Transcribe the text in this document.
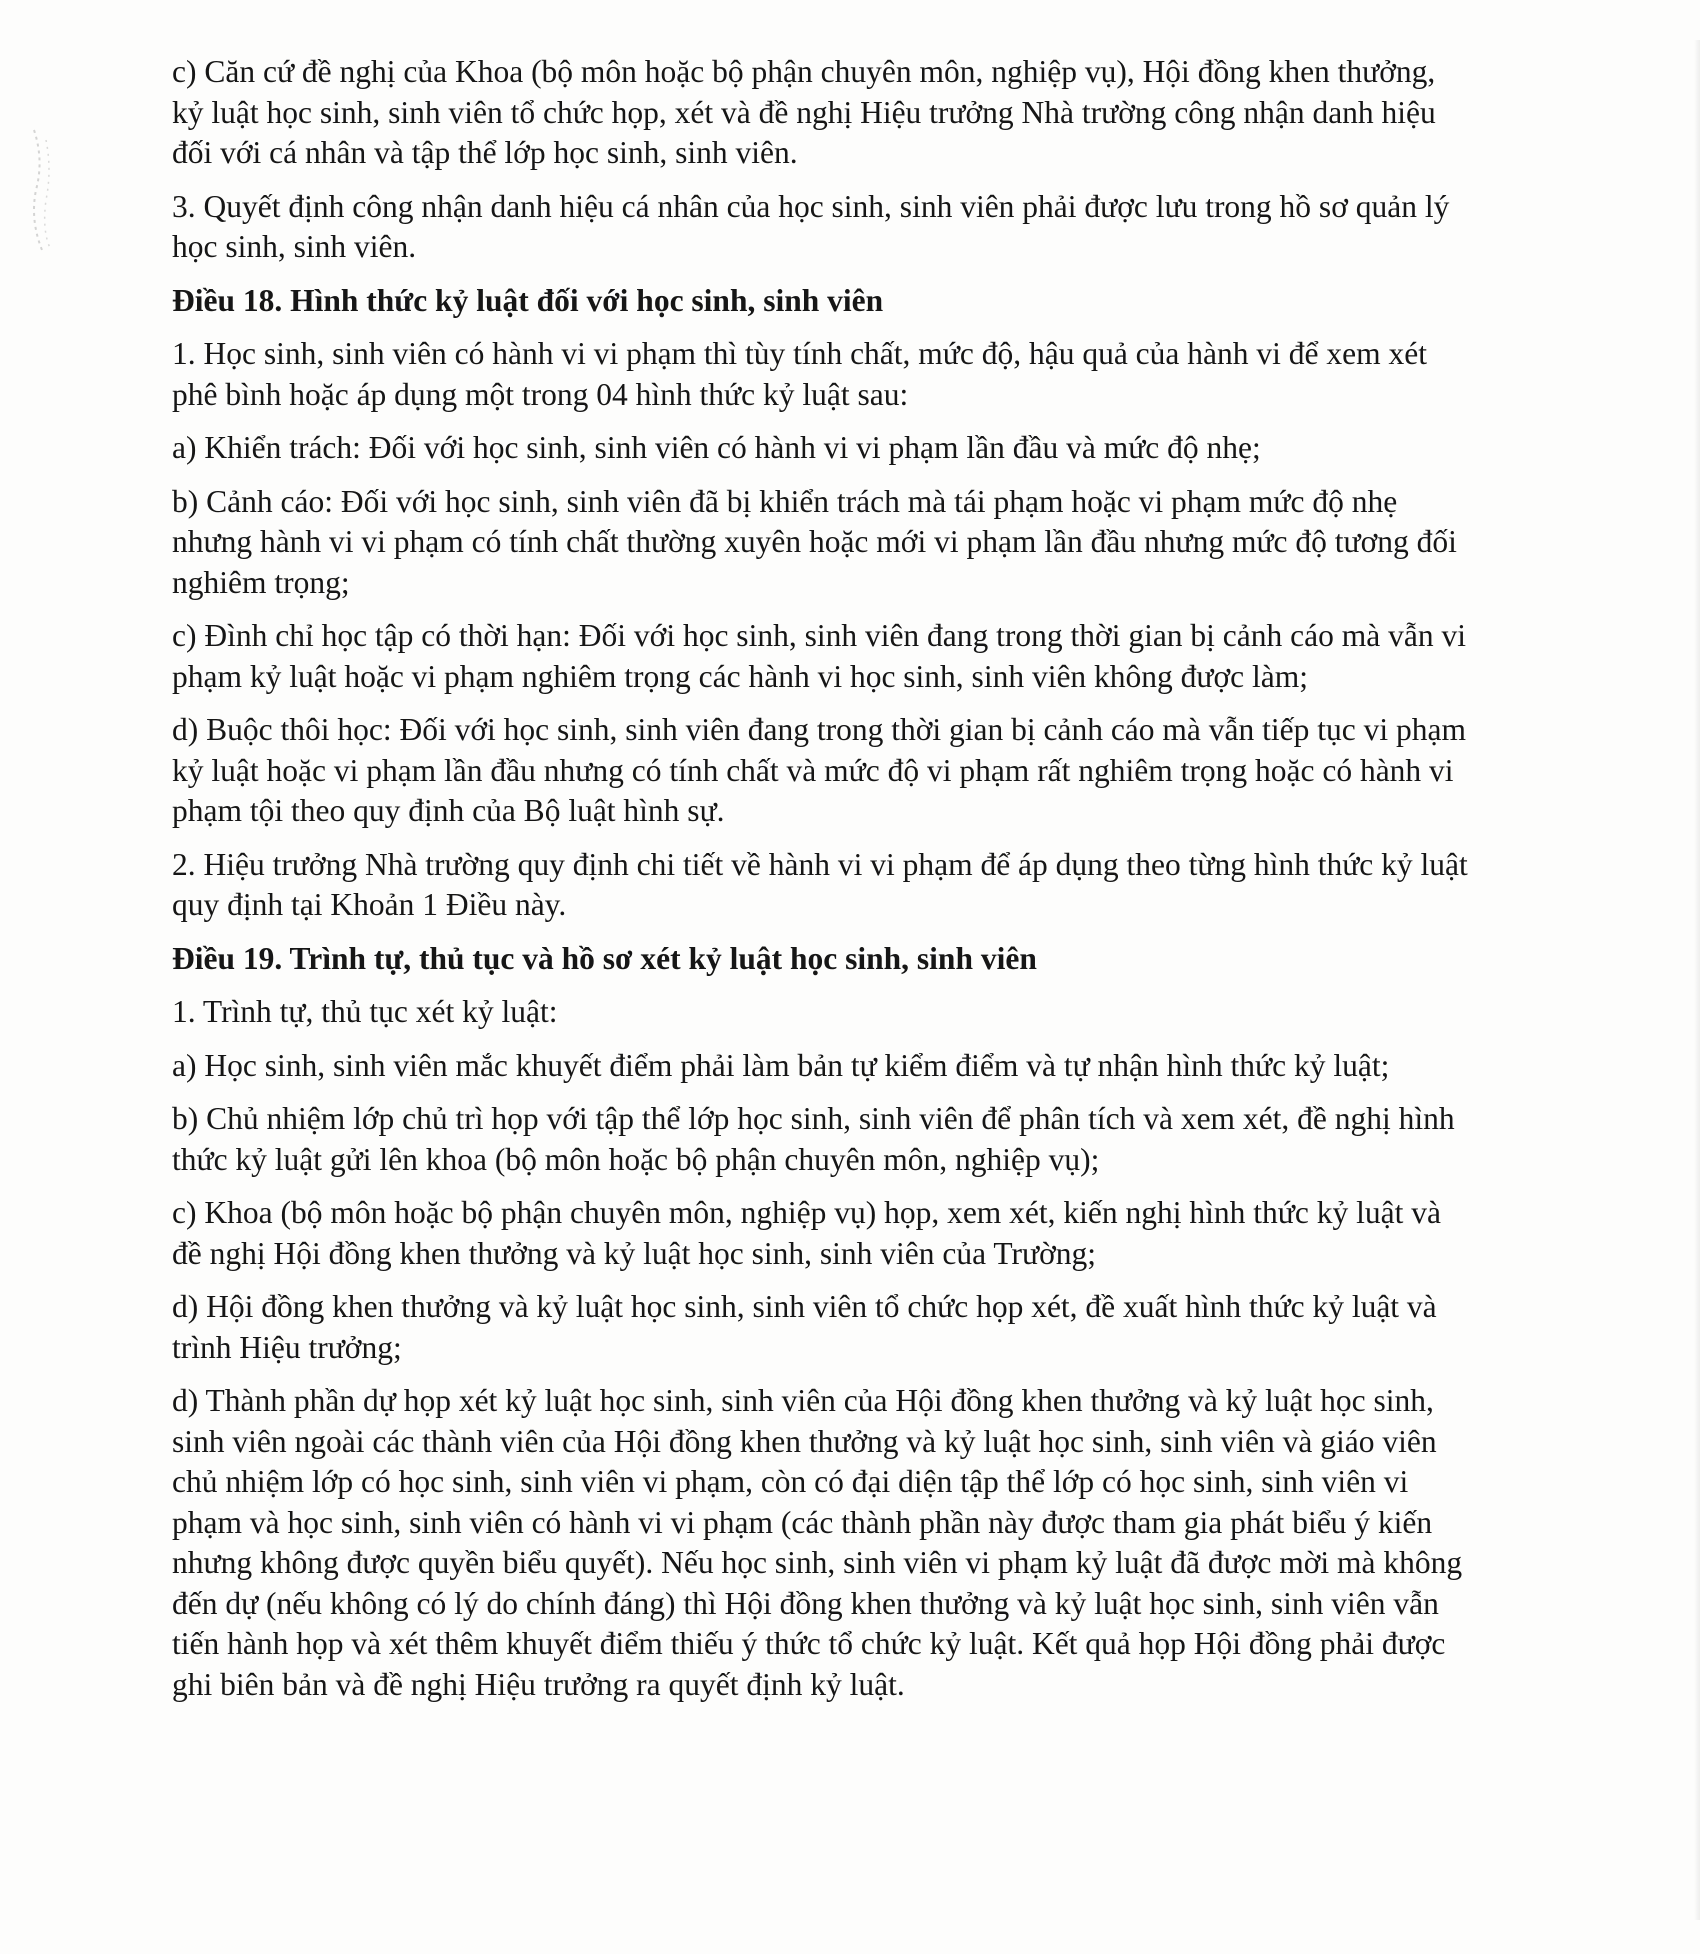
c) Căn cứ đề nghị của Khoa (bộ môn hoặc bộ phận chuyên môn, nghiệp vụ), Hội đồng khen thưởng, kỷ luật học sinh, sinh viên tổ chức họp, xét và đề nghị Hiệu trưởng Nhà trường công nhận danh hiệu đối với cá nhân và tập thể lớp học sinh, sinh viên.

3. Quyết định công nhận danh hiệu cá nhân của học sinh, sinh viên phải được lưu trong hồ sơ quản lý học sinh, sinh viên.

Điều 18. Hình thức kỷ luật đối với học sinh, sinh viên

1. Học sinh, sinh viên có hành vi vi phạm thì tùy tính chất, mức độ, hậu quả của hành vi để xem xét phê bình hoặc áp dụng một trong 04 hình thức kỷ luật sau:

a) Khiển trách: Đối với học sinh, sinh viên có hành vi vi phạm lần đầu và mức độ nhẹ;

b) Cảnh cáo: Đối với học sinh, sinh viên đã bị khiển trách mà tái phạm hoặc vi phạm mức độ nhẹ nhưng hành vi vi phạm có tính chất thường xuyên hoặc mới vi phạm lần đầu nhưng mức độ tương đối nghiêm trọng;

c) Đình chỉ học tập có thời hạn: Đối với học sinh, sinh viên đang trong thời gian bị cảnh cáo mà vẫn vi phạm kỷ luật hoặc vi phạm nghiêm trọng các hành vi học sinh, sinh viên không được làm;

d) Buộc thôi học: Đối với học sinh, sinh viên đang trong thời gian bị cảnh cáo mà vẫn tiếp tục vi phạm kỷ luật hoặc vi phạm lần đầu nhưng có tính chất và mức độ vi phạm rất nghiêm trọng hoặc có hành vi phạm tội theo quy định của Bộ luật hình sự.

2. Hiệu trưởng Nhà trường quy định chi tiết về hành vi vi phạm để áp dụng theo từng hình thức kỷ luật quy định tại Khoản 1 Điều này.

Điều 19. Trình tự, thủ tục và hồ sơ xét kỷ luật học sinh, sinh viên

1. Trình tự, thủ tục xét kỷ luật:

a) Học sinh, sinh viên mắc khuyết điểm phải làm bản tự kiểm điểm và tự nhận hình thức kỷ luật;

b) Chủ nhiệm lớp chủ trì họp với tập thể lớp học sinh, sinh viên để phân tích và xem xét, đề nghị hình thức kỷ luật gửi lên khoa (bộ môn hoặc bộ phận chuyên môn, nghiệp vụ);

c) Khoa (bộ môn hoặc bộ phận chuyên môn, nghiệp vụ) họp, xem xét, kiến nghị hình thức kỷ luật và đề nghị Hội đồng khen thưởng và kỷ luật học sinh, sinh viên của Trường;

d) Hội đồng khen thưởng và kỷ luật học sinh, sinh viên tổ chức họp xét, đề xuất hình thức kỷ luật và trình Hiệu trưởng;

d) Thành phần dự họp xét kỷ luật học sinh, sinh viên của Hội đồng khen thưởng và kỷ luật học sinh, sinh viên ngoài các thành viên của Hội đồng khen thưởng và kỷ luật học sinh, sinh viên và giáo viên chủ nhiệm lớp có học sinh, sinh viên vi phạm, còn có đại diện tập thể lớp có học sinh, sinh viên vi phạm và học sinh, sinh viên có hành vi vi phạm (các thành phần này được tham gia phát biểu ý kiến nhưng không được quyền biểu quyết). Nếu học sinh, sinh viên vi phạm kỷ luật đã được mời mà không đến dự (nếu không có lý do chính đáng) thì Hội đồng khen thưởng và kỷ luật học sinh, sinh viên vẫn tiến hành họp và xét thêm khuyết điểm thiếu ý thức tổ chức kỷ luật. Kết quả họp Hội đồng phải được ghi biên bản và đề nghị Hiệu trưởng ra quyết định kỷ luật.
